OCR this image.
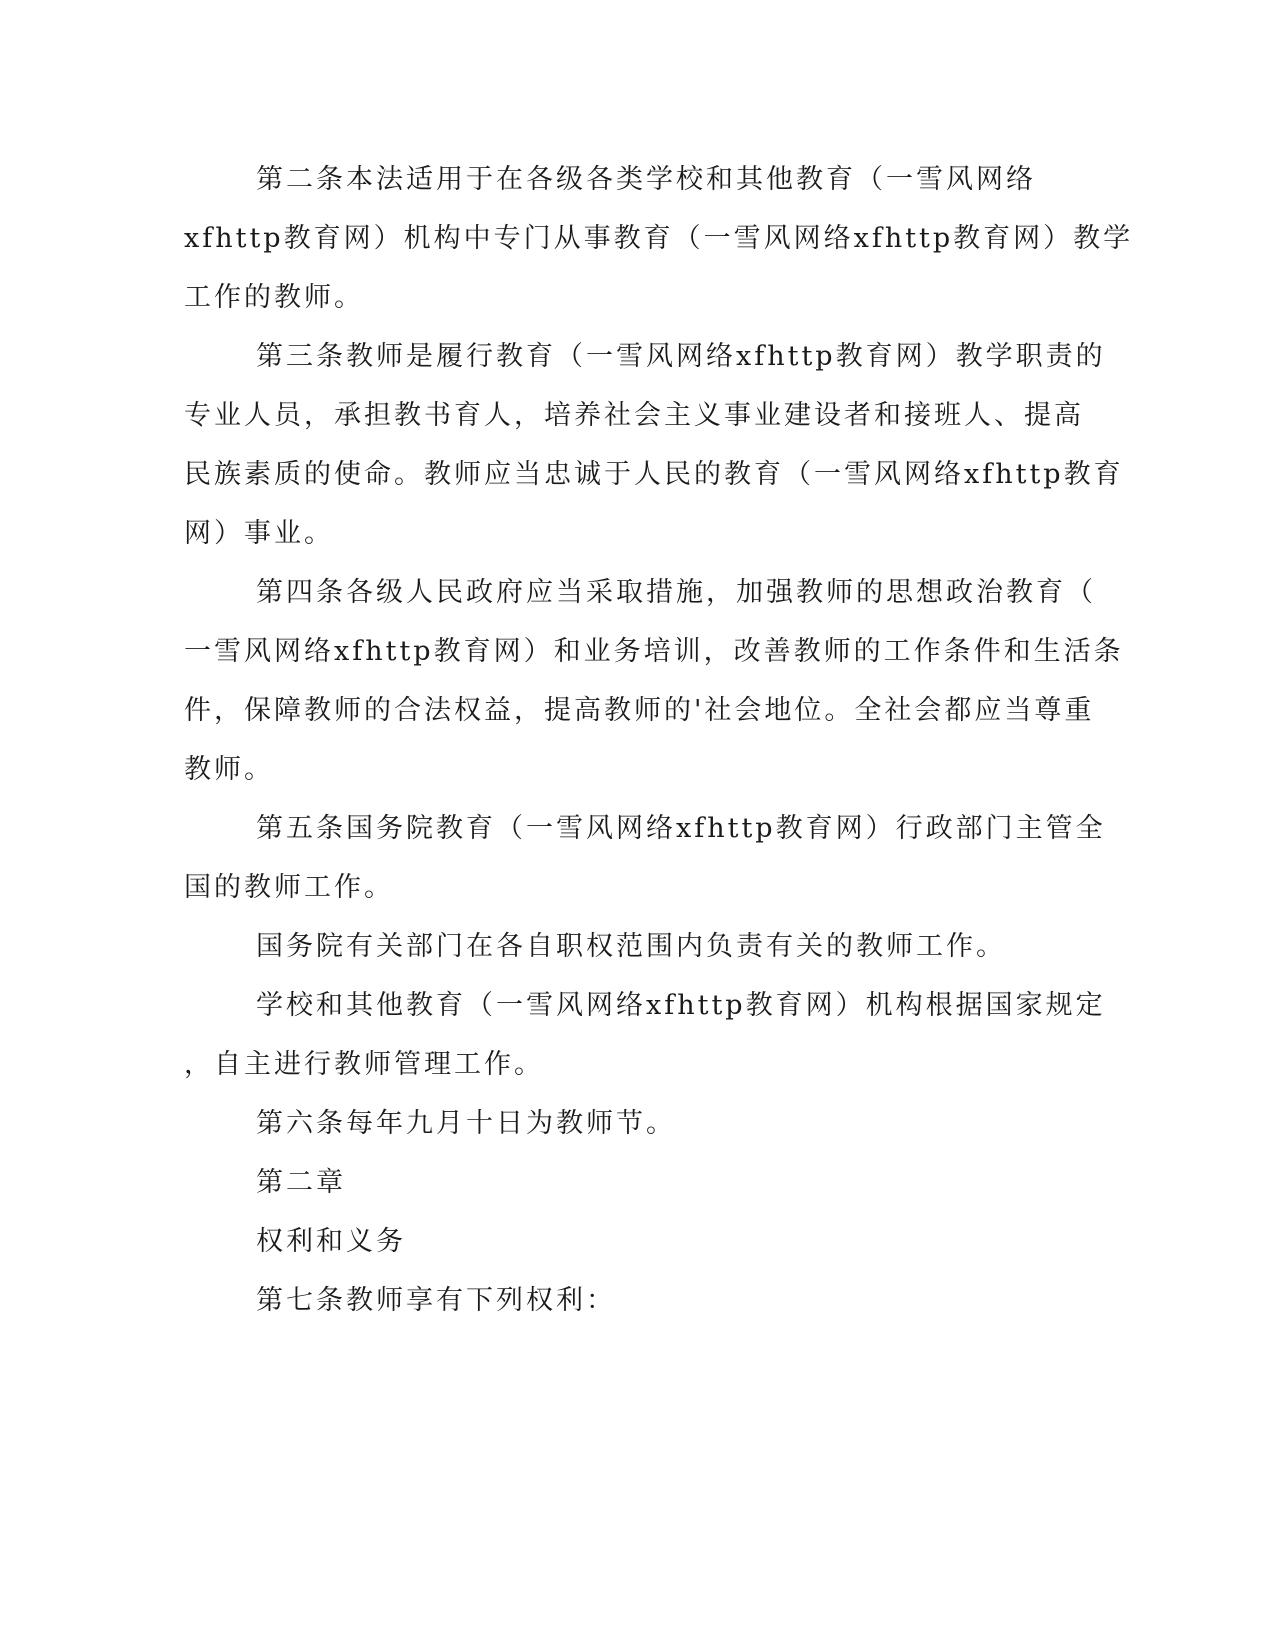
第二条本法适用于在各级各类学校和其他教育（一雪风网络

xfhttp教育网）机构中专门从事教育（一雪风网络xfhttp教育网）教学

工作的教师。

第三条教师是履行教育（一雪风网络xfhttp教育网）教学职责的

专业人员，承担教书育人，培养社会主义事业建设者和接班人、提高

民族素质的使命。教师应当忠诚于人民的教育（一雪风网络xfhttp教育

网）事业。

第四条各级人民政府应当采取措施，加强教师的思想政治教育（

一雪风网络xfhttp教育网）和业务培训，改善教师的工作条件和生活条

件，保障教师的合法权益，提高教师的'社会地位。全社会都应当尊重

教师。

第五条国务院教育（一雪风网络xfhttp教育网）行政部门主管全

国的教师工作。

国务院有关部门在各自职权范围内负责有关的教师工作。

学校和其他教育（一雪风网络xfhttp教育网）机构根据国家规定

，自主进行教师管理工作。

第六条每年九月十日为教师节。

第二章

权利和义务

第七条教师享有下列权利：
